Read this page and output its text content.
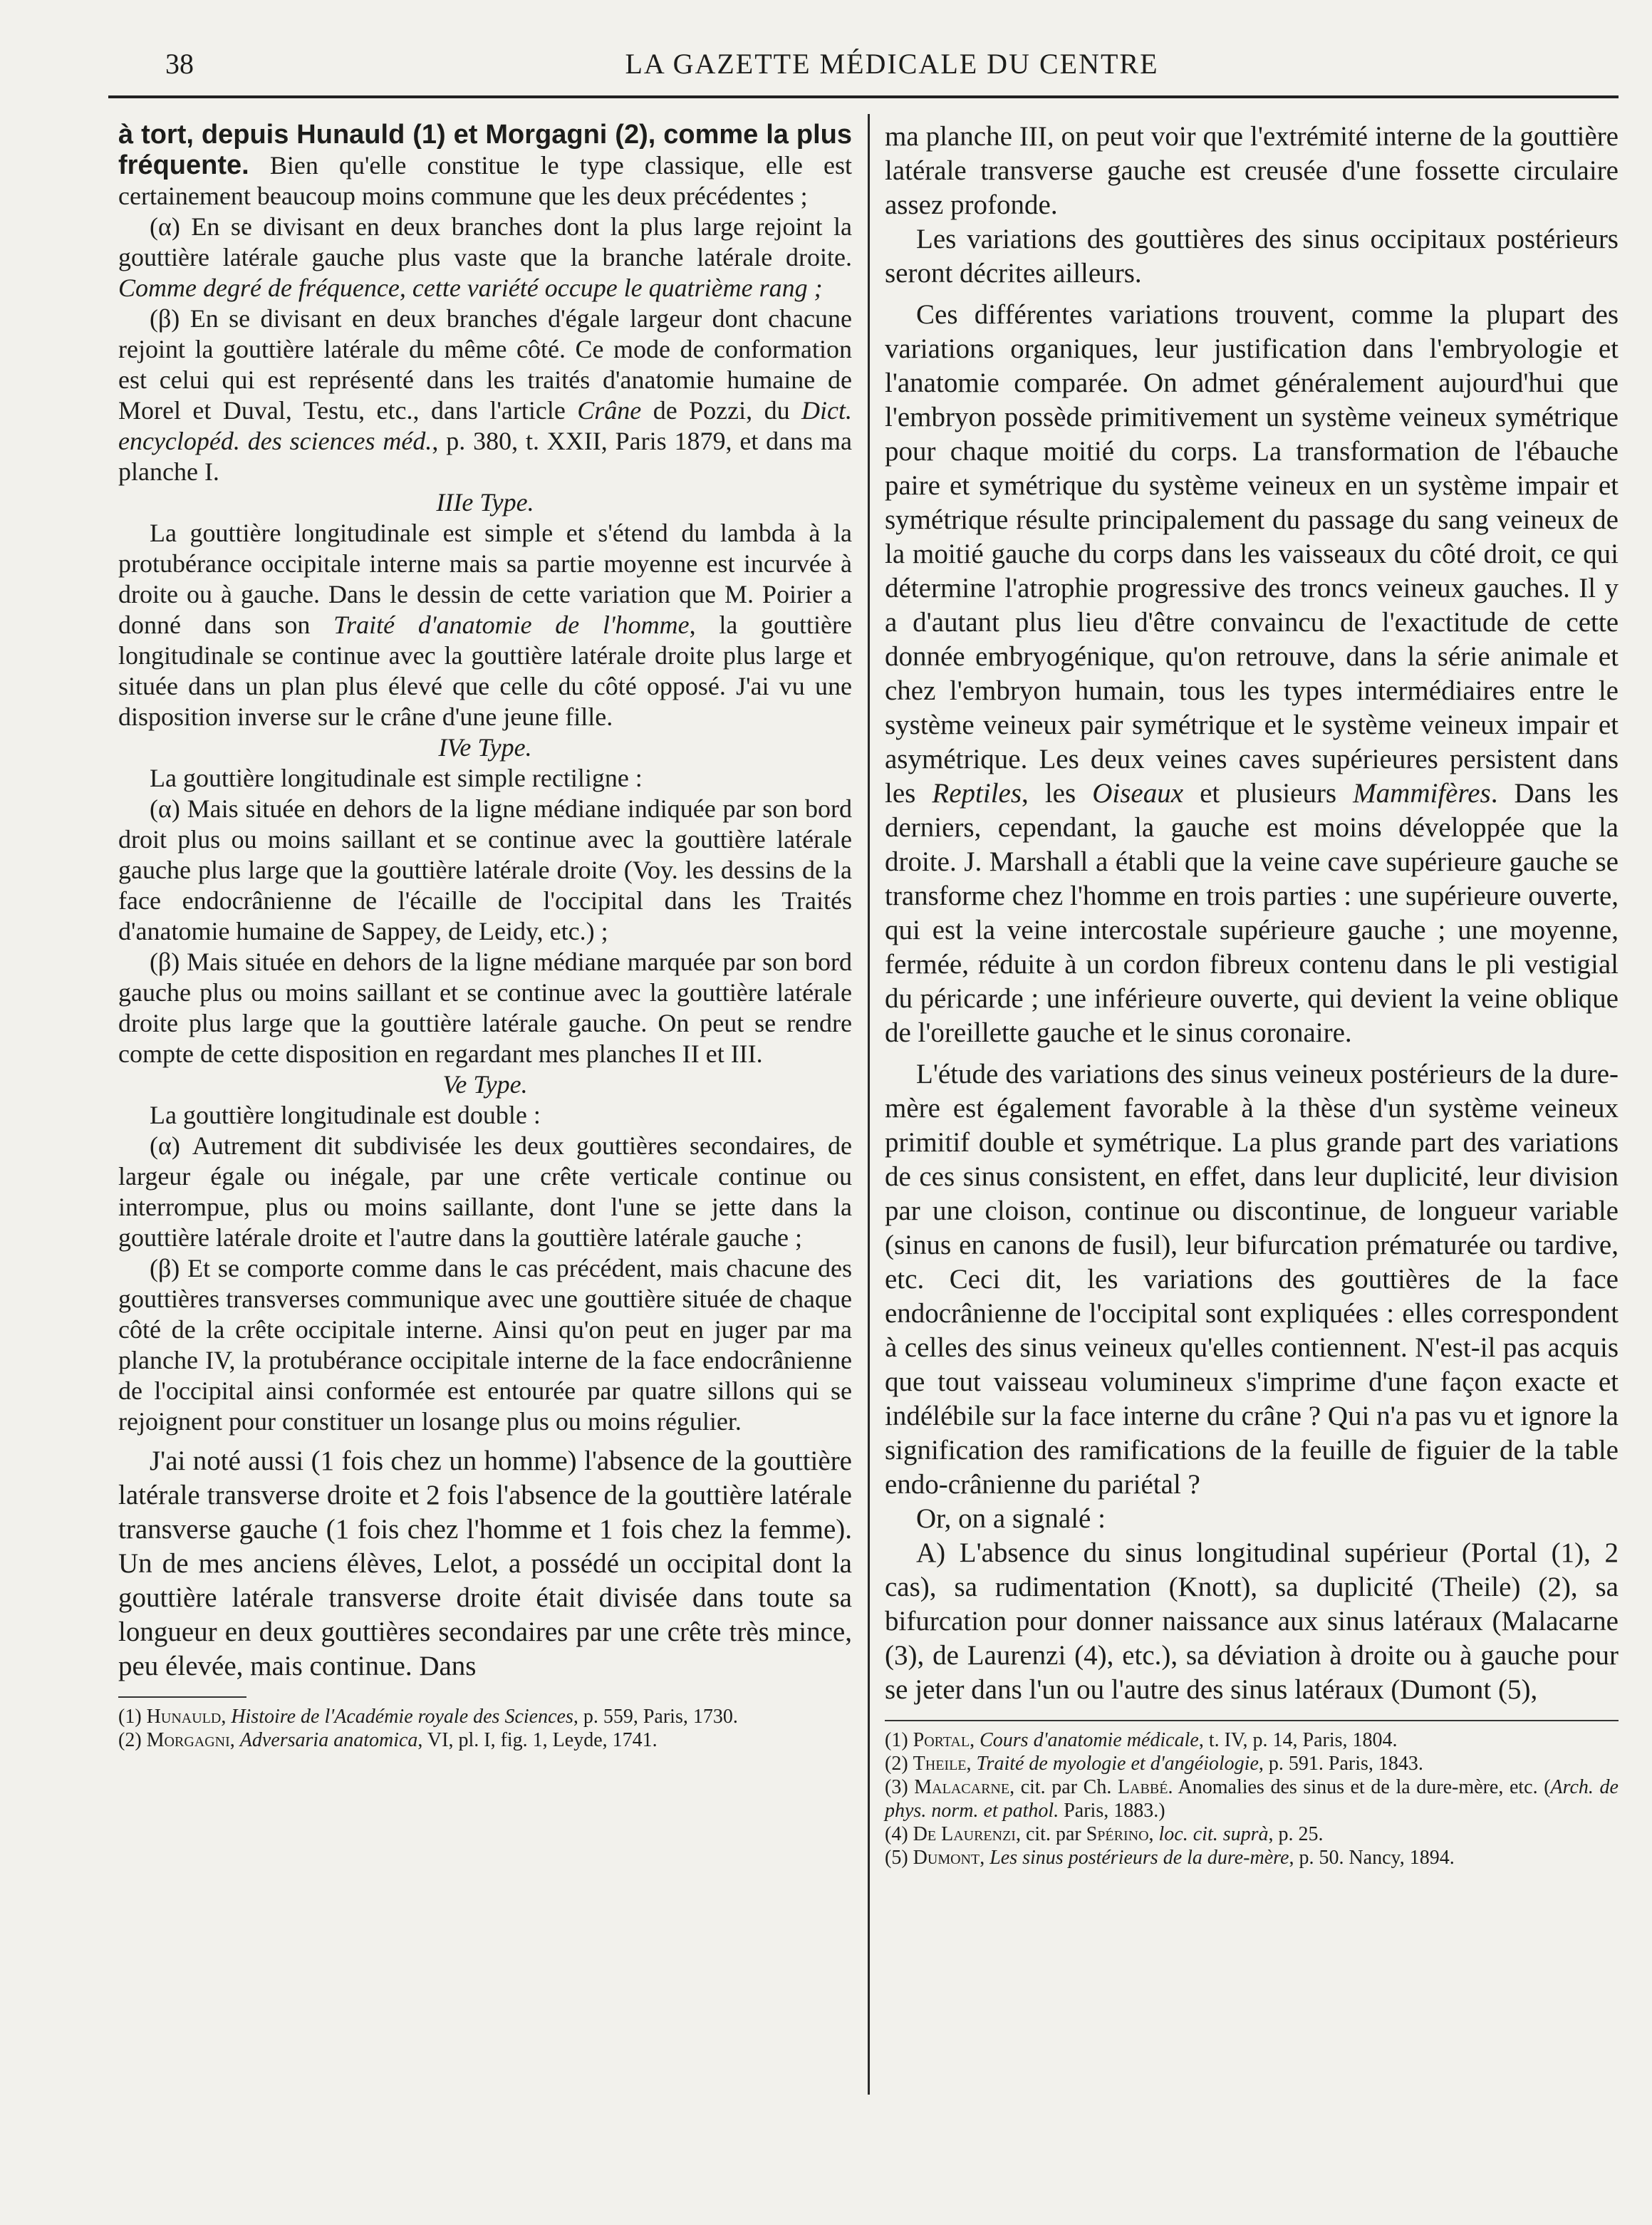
38	LA GAZETTE MÉDICALE DU CENTRE

à tort, depuis Hunauld (1) et Morgagni (2), comme la plus fréquente. Bien qu'elle constitue le type classique, elle est certainement beaucoup moins commune que les deux précédentes ;

(α) En se divisant en deux branches dont la plus large rejoint la gouttière latérale gauche plus vaste que la branche latérale droite. Comme degré de fréquence, cette variété occupe le quatrième rang ;

(β) En se divisant en deux branches d'égale largeur dont chacune rejoint la gouttière latérale du même côté. Ce mode de conformation est celui qui est représenté dans les traités d'anatomie humaine de Morel et Duval, Testu, etc., dans l'article Crâne de Pozzi, du Dict. encyclopéd. des sciences méd., p. 380, t. XXII, Paris 1879, et dans ma planche I.

IIIe Type.

La gouttière longitudinale est simple et s'étend du lambda à la protubérance occipitale interne mais sa partie moyenne est incurvée à droite ou à gauche. Dans le dessin de cette variation que M. Poirier a donné dans son Traité d'anatomie de l'homme, la gouttière longitudinale se continue avec la gouttière latérale droite plus large et située dans un plan plus élevé que celle du côté opposé. J'ai vu une disposition inverse sur le crâne d'une jeune fille.

IVe Type.

La gouttière longitudinale est simple rectiligne :

(α) Mais située en dehors de la ligne médiane indiquée par son bord droit plus ou moins saillant et se continue avec la gouttière latérale gauche plus large que la gouttière latérale droite (Voy. les dessins de la face endocrânienne de l'écaille de l'occipital dans les Traités d'anatomie humaine de Sappey, de Leidy, etc.) ;

(β) Mais située en dehors de la ligne médiane marquée par son bord gauche plus ou moins saillant et se continue avec la gouttière latérale droite plus large que la gouttière latérale gauche. On peut se rendre compte de cette disposition en regardant mes planches II et III.

Ve Type.

La gouttière longitudinale est double :

(α) Autrement dit subdivisée les deux gouttières secondaires, de largeur égale ou inégale, par une crête verticale continue ou interrompue, plus ou moins saillante, dont l'une se jette dans la gouttière latérale droite et l'autre dans la gouttière latérale gauche ;

(β) Et se comporte comme dans le cas précédent, mais chacune des gouttières transverses communique avec une gouttière située de chaque côté de la crête occipitale interne. Ainsi qu'on peut en juger par ma planche IV, la protubérance occipitale interne de la face endocrânienne de l'occipital ainsi conformée est entourée par quatre sillons qui se rejoignent pour constituer un losange plus ou moins régulier.

J'ai noté aussi (1 fois chez un homme) l'absence de la gouttière latérale transverse droite et 2 fois l'absence de la gouttière latérale transverse gauche (1 fois chez l'homme et 1 fois chez la femme). Un de mes anciens élèves, Lelot, a possédé un occipital dont la gouttière latérale transverse droite était divisée dans toute sa longueur en deux gouttières secondaires par une crête très mince, peu élevée, mais continue. Dans

(1) Hunauld, Histoire de l'Académie royale des Sciences, p. 559, Paris, 1730.

(2) Morgagni, Adversaria anatomica, VI, pl. I, fig. 1, Leyde, 1741.

ma planche III, on peut voir que l'extrémité interne de la gouttière latérale transverse gauche est creusée d'une fossette circulaire assez profonde.

Les variations des gouttières des sinus occipitaux postérieurs seront décrites ailleurs.

Ces différentes variations trouvent, comme la plupart des variations organiques, leur justification dans l'embryologie et l'anatomie comparée. On admet généralement aujourd'hui que l'embryon possède primitivement un système veineux symétrique pour chaque moitié du corps. La transformation de l'ébauche paire et symétrique du système veineux en un système impair et symétrique résulte principalement du passage du sang veineux de la moitié gauche du corps dans les vaisseaux du côté droit, ce qui détermine l'atrophie progressive des troncs veineux gauches. Il y a d'autant plus lieu d'être convaincu de l'exactitude de cette donnée embryogénique, qu'on retrouve, dans la série animale et chez l'embryon humain, tous les types intermédiaires entre le système veineux pair symétrique et le système veineux impair et asymétrique. Les deux veines caves supérieures persistent dans les Reptiles, les Oiseaux et plusieurs Mammifères. Dans les derniers, cependant, la gauche est moins développée que la droite. J. Marshall a établi que la veine cave supérieure gauche se transforme chez l'homme en trois parties : une supérieure ouverte, qui est la veine intercostale supérieure gauche ; une moyenne, fermée, réduite à un cordon fibreux contenu dans le pli vestigial du péricarde ; une inférieure ouverte, qui devient la veine oblique de l'oreillette gauche et le sinus coronaire.

L'étude des variations des sinus veineux postérieurs de la dure-mère est également favorable à la thèse d'un système veineux primitif double et symétrique. La plus grande part des variations de ces sinus consistent, en effet, dans leur duplicité, leur division par une cloison, continue ou discontinue, de longueur variable (sinus en canons de fusil), leur bifurcation prématurée ou tardive, etc. Ceci dit, les variations des gouttières de la face endocrânienne de l'occipital sont expliquées : elles correspondent à celles des sinus veineux qu'elles contiennent. N'est-il pas acquis que tout vaisseau volumineux s'imprime d'une façon exacte et indélébile sur la face interne du crâne ? Qui n'a pas vu et ignore la signification des ramifications de la feuille de figuier de la table endo-crânienne du pariétal ?

Or, on a signalé :

A) L'absence du sinus longitudinal supérieur (Portal (1), 2 cas), sa rudimentation (Knott), sa duplicité (Theile) (2), sa bifurcation pour donner naissance aux sinus latéraux (Malacarne (3), de Laurenzi (4), etc.), sa déviation à droite ou à gauche pour se jeter dans l'un ou l'autre des sinus latéraux (Dumont (5),

(1) Portal, Cours d'anatomie médicale, t. IV, p. 14, Paris, 1804.

(2) Theile, Traité de myologie et d'angéiologie, p. 591. Paris, 1843.

(3) Malacarne, cit. par Ch. Labbé. Anomalies des sinus et de la dure-mère, etc. (Arch. de phys. norm. et pathol. Paris, 1883.)

(4) De Laurenzi, cit. par Spérino, loc. cit. suprà, p. 25.

(5) Dumont, Les sinus postérieurs de la dure-mère, p. 50. Nancy, 1894.
